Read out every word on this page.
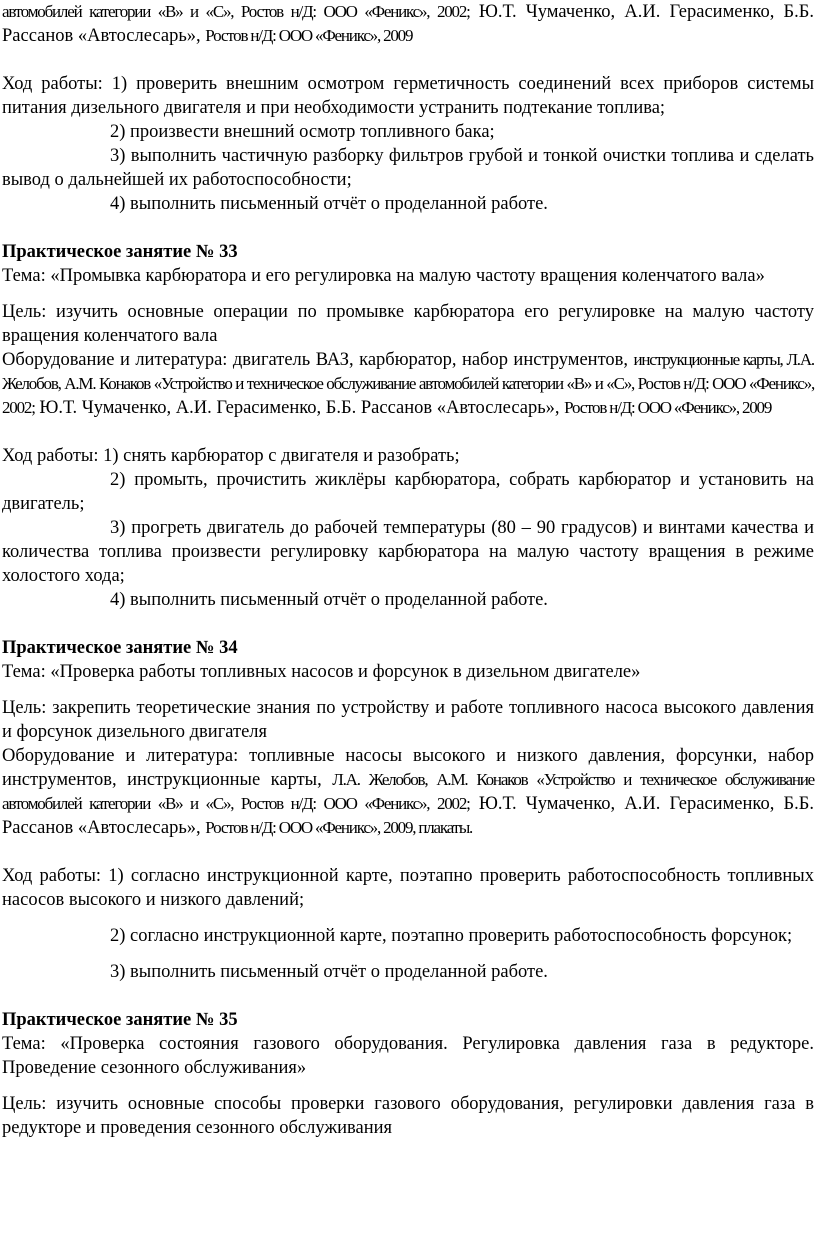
автомобилей категории «В» и «С», Ростов н/Д: ООО «Феникс», 2002; Ю.Т. Чумаченко, А.И. Герасименко, Б.Б. Рассанов «Автослесарь», Ростов н/Д: ООО «Феникс», 2009

Ход работы: 1) проверить внешним осмотром герметичность соединений всех приборов системы питания дизельного двигателя и при необходимости устранить подтекание топлива;

2) произвести внешний осмотр топливного бака;

3) выполнить частичную разборку фильтров грубой и тонкой очистки топлива и сделать вывод о дальнейшей их работоспособности;

4) выполнить письменный отчёт о проделанной работе.

Практическое занятие № 33

Тема: «Промывка карбюратора и его регулировка на малую частоту вращения коленчатого вала»

Цель: изучить основные операции по промывке карбюратора его регулировке на малую частоту вращения коленчатого вала

Оборудование и литература: двигатель ВАЗ, карбюратор, набор инструментов, инструкционные карты, Л.А. Желобов, А.М. Конаков «Устройство и техническое обслуживание автомобилей категории «В» и «С», Ростов н/Д: ООО «Феникс», 2002; Ю.Т. Чумаченко, А.И. Герасименко, Б.Б. Рассанов «Автослесарь», Ростов н/Д: ООО «Феникс», 2009

Ход работы: 1) снять карбюратор с двигателя и разобрать;

2) промыть, прочистить жиклёры карбюратора, собрать карбюратор и установить на двигатель;

3) прогреть двигатель до рабочей температуры (80 – 90 градусов) и винтами качества и количества топлива произвести регулировку карбюратора на малую частоту вращения в режиме холостого хода;

4) выполнить письменный отчёт о проделанной работе.

Практическое занятие № 34

Тема: «Проверка работы топливных насосов и форсунок в дизельном двигателе»

Цель: закрепить теоретические знания по устройству и работе топливного насоса высокого давления и форсунок дизельного двигателя

Оборудование и литература: топливные насосы высокого и низкого давления, форсунки, набор инструментов, инструкционные карты, Л.А. Желобов, А.М. Конаков «Устройство и техническое обслуживание автомобилей категории «В» и «С», Ростов н/Д: ООО «Феникс», 2002; Ю.Т. Чумаченко, А.И. Герасименко, Б.Б. Рассанов «Автослесарь», Ростов н/Д: ООО «Феникс», 2009, плакаты.

Ход работы: 1) согласно инструкционной карте, поэтапно проверить работоспособность топливных насосов высокого и низкого давлений;

2) согласно инструкционной карте, поэтапно проверить работоспособность форсунок;

3) выполнить письменный отчёт о проделанной работе.

Практическое занятие № 35

Тема: «Проверка состояния газового оборудования. Регулировка давления газа в редукторе. Проведение сезонного обслуживания»

Цель: изучить основные способы проверки газового оборудования, регулировки давления газа в редукторе и проведения сезонного обслуживания
